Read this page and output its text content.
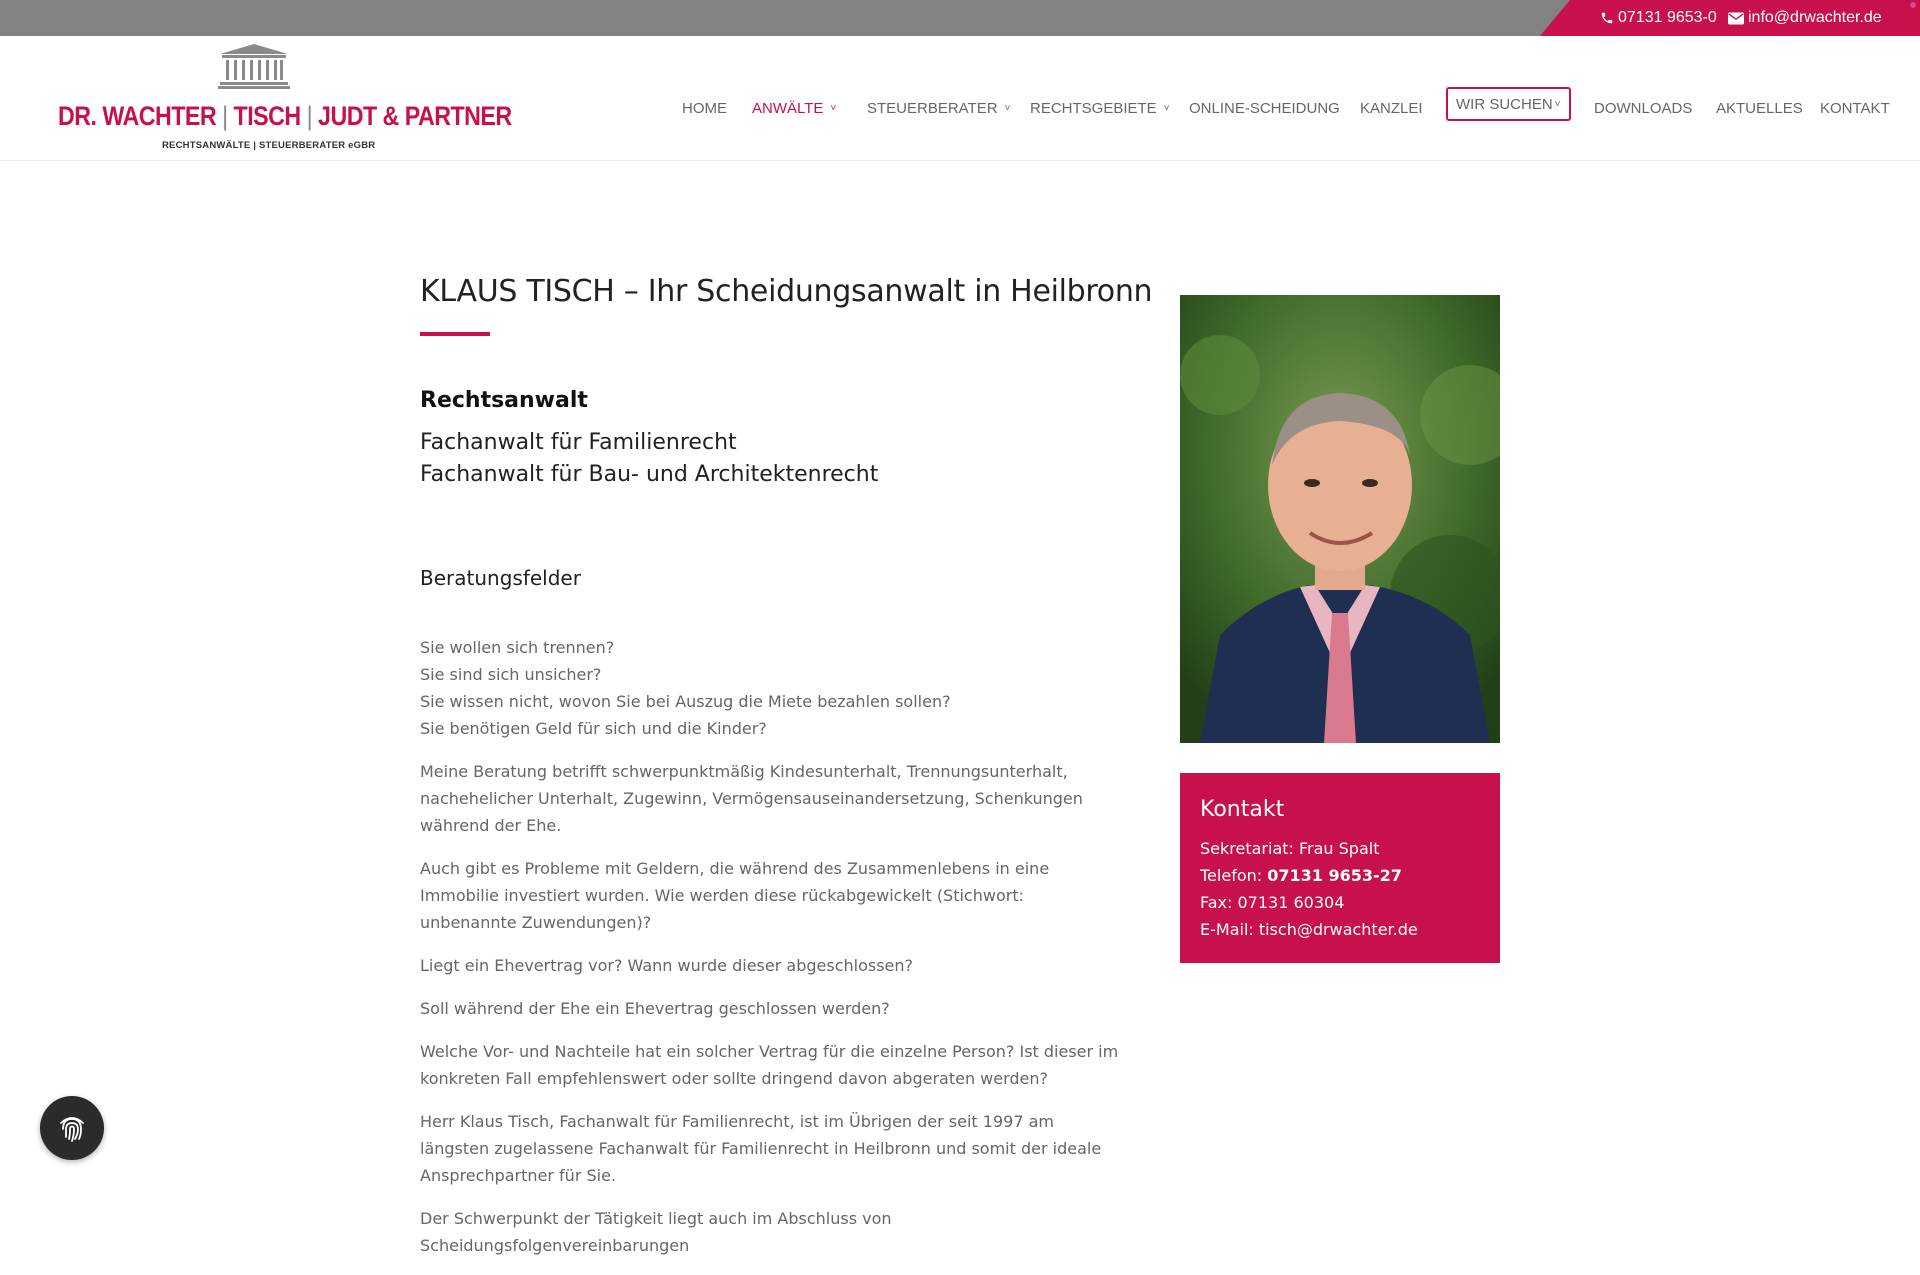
07131 9653-0 info@drwachter.de
DR. WACHTER | TISCH | JUDT & PARTNER
RECHTSANWÄLTE | STEUERBERATER eGBR
HOME ANWÄLTE ˅ STEUERBERATER ˅ RECHTSGEBIETE ˅ ONLINE-SCHEIDUNG KANZLEI WIR SUCHEN ˅ DOWNLOADS AKTUELLES KONTAKT
KLAUS TISCH – Ihr Scheidungsanwalt in Heilbronn
Rechtsanwalt
Fachanwalt für Familienrecht
Fachanwalt für Bau- und Architektenrecht
Beratungsfelder

Sie wollen sich trennen?

Sie sind sich unsicher?

Sie wissen nicht, wovon Sie bei Auszug die Miete bezahlen sollen?

Sie benötigen Geld für sich und die Kinder?

Meine Beratung betrifft schwerpunktmäßig Kindesunterhalt, Trennungsunterhalt, nachehelicher Unterhalt, Zugewinn, Vermögensauseinandersetzung, Schenkungen während der Ehe.

Auch gibt es Probleme mit Geldern, die während des Zusammenlebens in eine Immobilie investiert wurden. Wie werden diese rückabgewickelt (Stichwort: unbenannte Zuwendungen)?

Liegt ein Ehevertrag vor? Wann wurde dieser abgeschlossen?

Soll während der Ehe ein Ehevertrag geschlossen werden?

Welche Vor- und Nachteile hat ein solcher Vertrag für die einzelne Person? Ist dieser im konkreten Fall empfehlenswert oder sollte dringend davon abgeraten werden?

Herr Klaus Tisch, Fachanwalt für Familienrecht, ist im Übrigen der seit 1997 am längsten zugelassene Fachanwalt für Familienrecht in Heilbronn und somit der ideale Ansprechpartner für Sie.

Der Schwerpunkt der Tätigkeit liegt auch im Abschluss von Scheidungsfolgenvereinbarungen

Kontakt
Sekretariat: Frau Spalt
Telefon: 07131 9653-27
Fax: 07131 60304
E-Mail: tisch@drwachter.de
